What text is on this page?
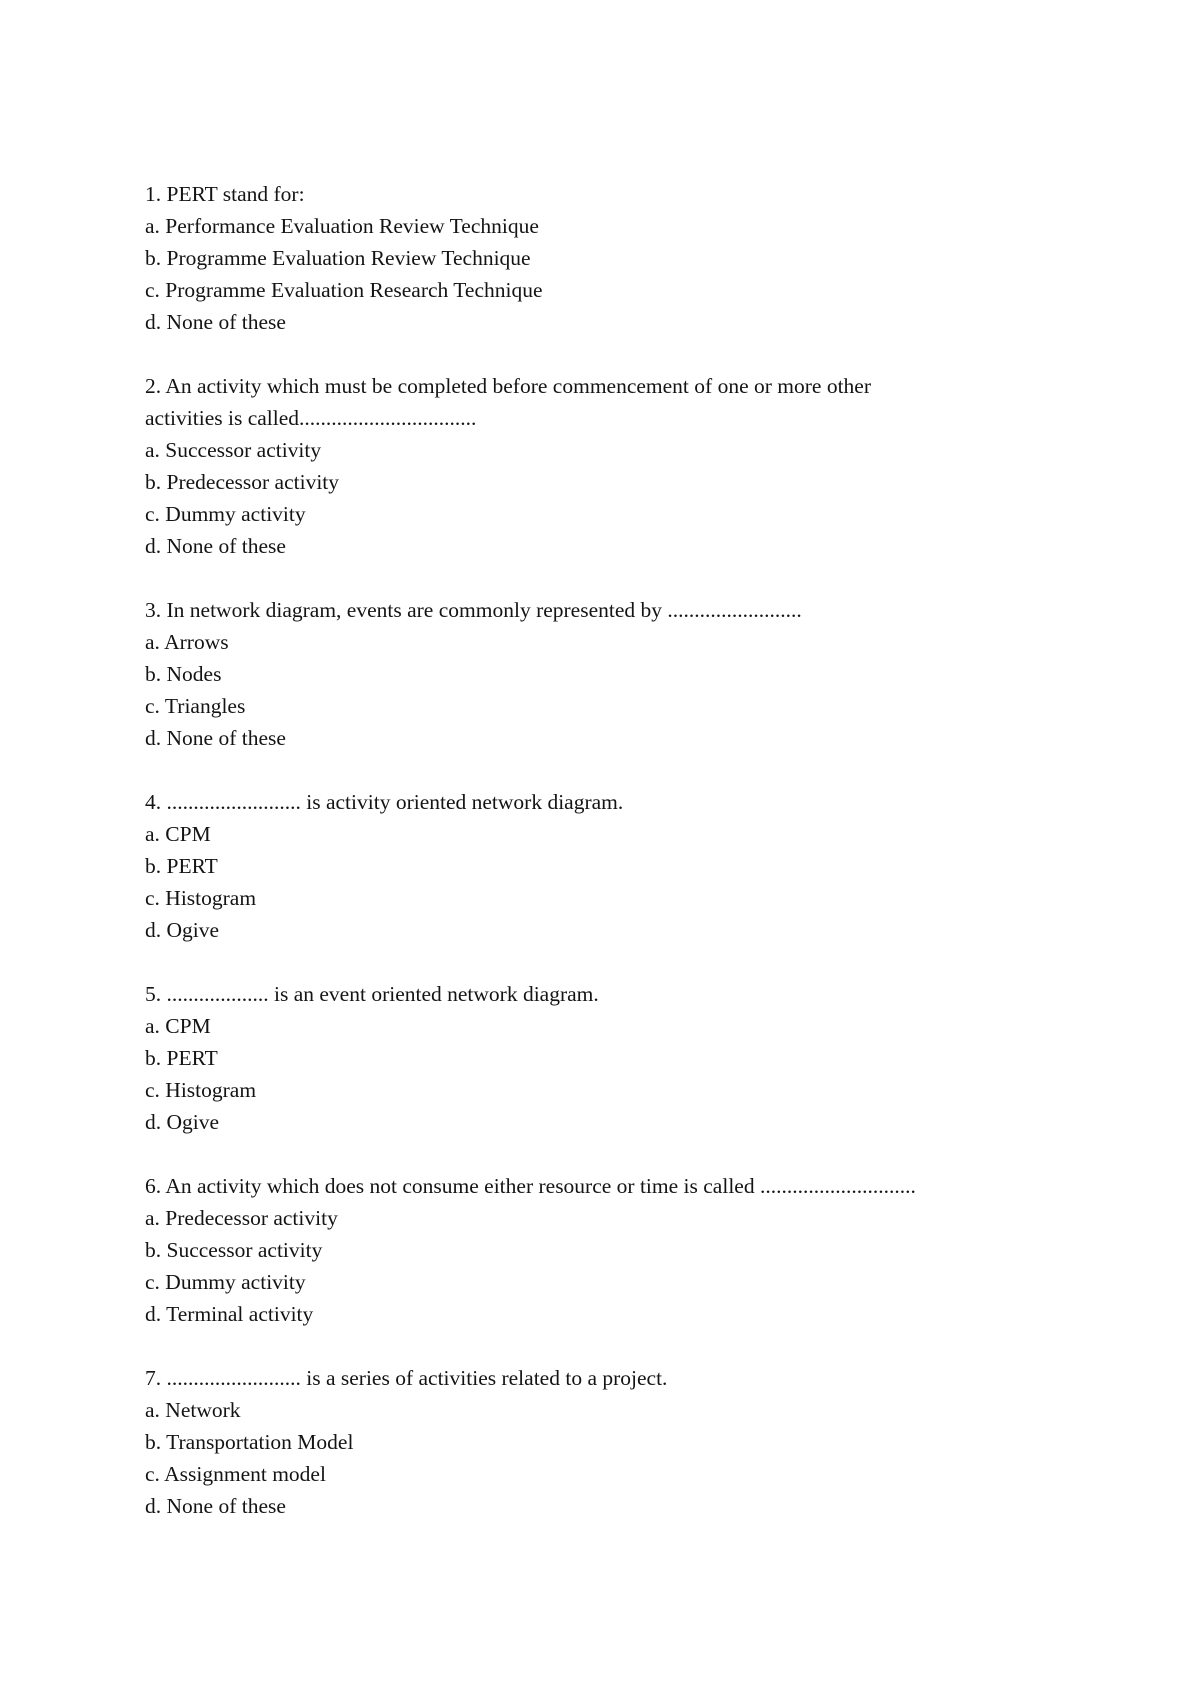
1. PERT stand for:
a. Performance Evaluation Review Technique
b. Programme Evaluation Review Technique
c. Programme Evaluation Research Technique
d. None of these
2. An activity which must be completed before commencement of one or more other activities is called.................................
a. Successor activity
b. Predecessor activity
c. Dummy activity
d. None of these
3. In network diagram, events are commonly represented by .........................
a. Arrows
b. Nodes
c. Triangles
d. None of these
4. ......................... is activity oriented network diagram.
a. CPM
b. PERT
c. Histogram
d. Ogive
5. ................... is an event oriented network diagram.
a. CPM
b. PERT
c. Histogram
d. Ogive
6. An activity which does not consume either resource or time is called .............................
a. Predecessor activity
b. Successor activity
c. Dummy activity
d. Terminal activity
7. ......................... is a series of activities related to a project.
a. Network
b. Transportation Model
c. Assignment model
d. None of these
